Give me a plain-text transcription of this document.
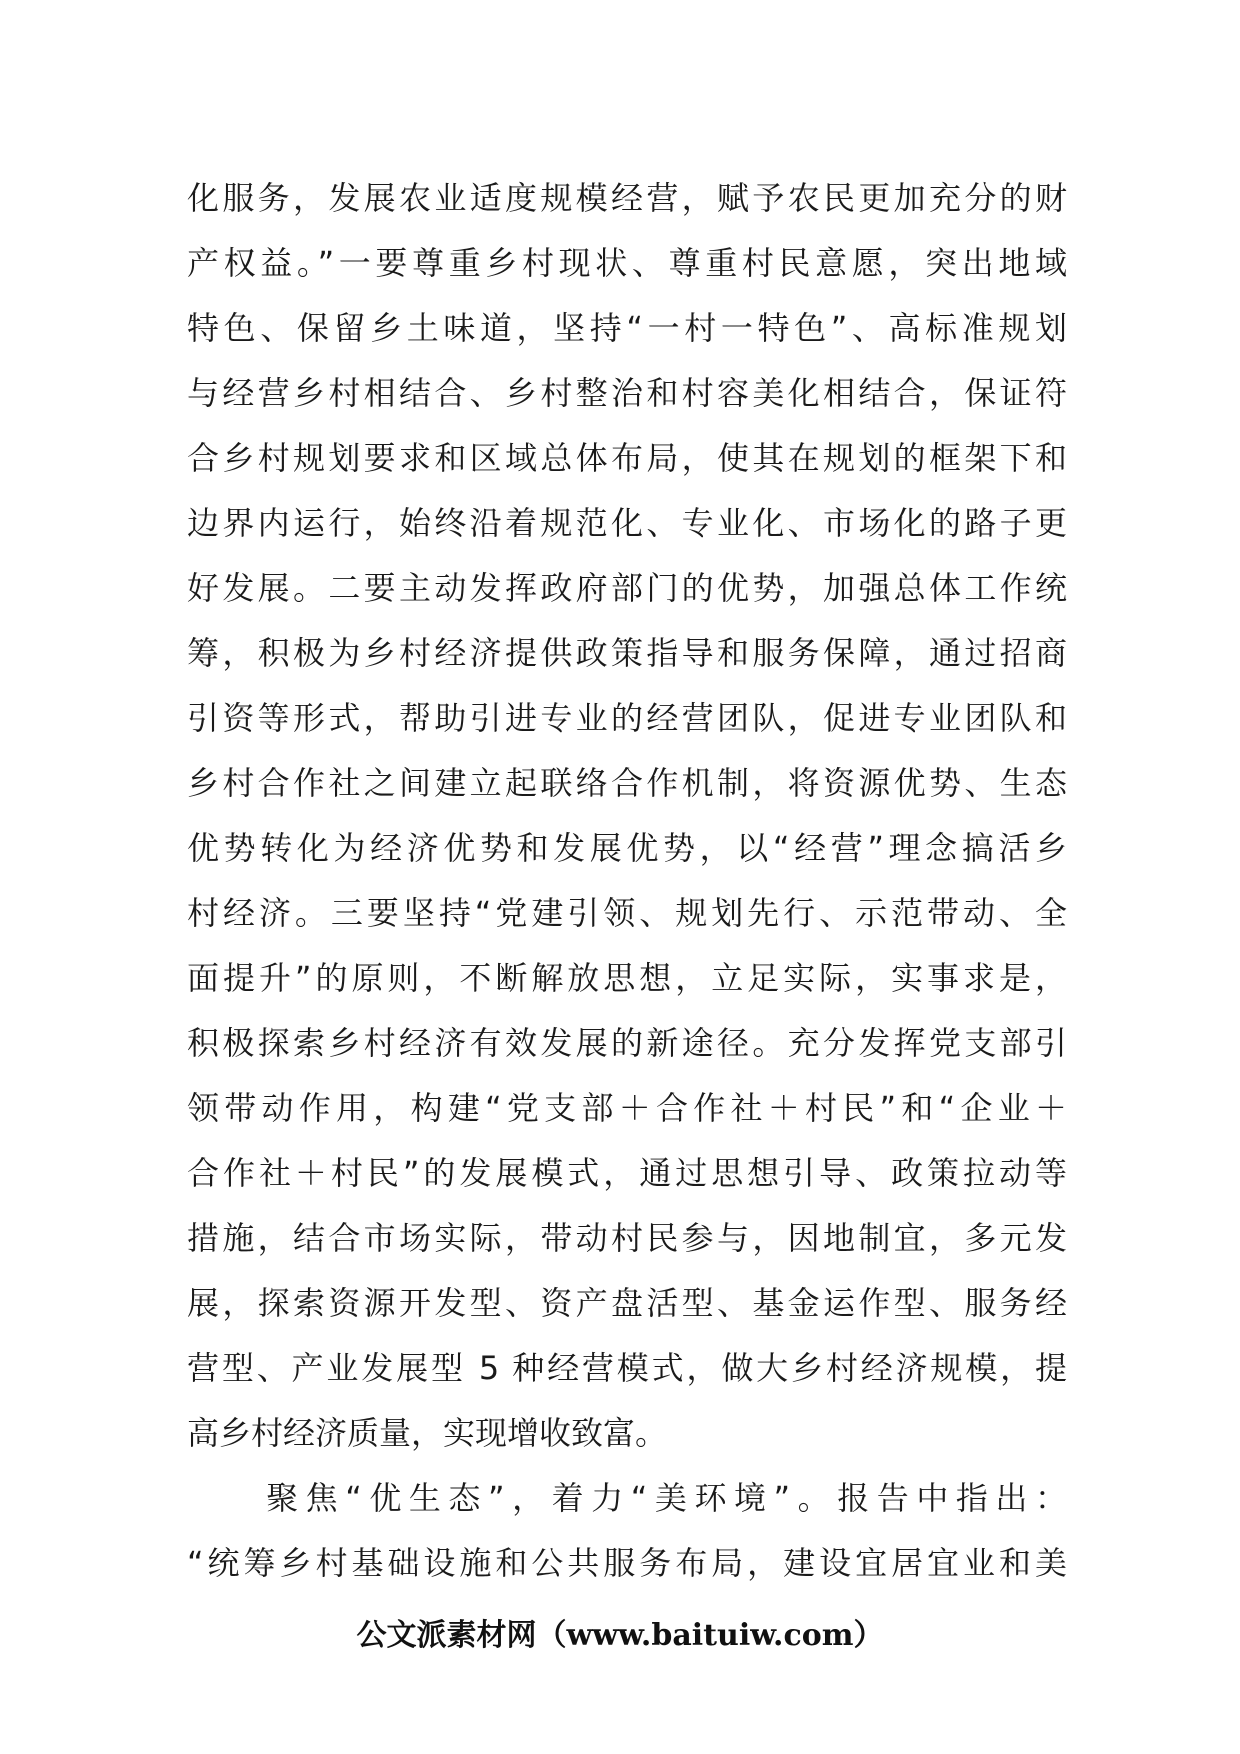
化服务，发展农业适度规模经营，赋予农民更加充分的财
产权益。”一要尊重乡村现状、尊重村民意愿，突出地域
特色、保留乡土味道，坚持“一村一特色”、高标准规划
与经营乡村相结合、乡村整治和村容美化相结合，保证符
合乡村规划要求和区域总体布局，使其在规划的框架下和
边界内运行，始终沿着规范化、专业化、市场化的路子更
好发展。二要主动发挥政府部门的优势，加强总体工作统
筹，积极为乡村经济提供政策指导和服务保障，通过招商
引资等形式，帮助引进专业的经营团队，促进专业团队和
乡村合作社之间建立起联络合作机制，将资源优势、生态
优势转化为经济优势和发展优势，以“经营”理念搞活乡
村经济。三要坚持“党建引领、规划先行、示范带动、全
面提升”的原则，不断解放思想，立足实际，实事求是，
积极探索乡村经济有效发展的新途径。充分发挥党支部引
领带动作用，构建“党支部＋合作社＋村民”和“企业＋
合作社＋村民”的发展模式，通过思想引导、政策拉动等
措施，结合市场实际，带动村民参与，因地制宜，多元发
展，探索资源开发型、资产盘活型、基金运作型、服务经
营型、产业发展型 5 种经营模式，做大乡村经济规模，提
高乡村经济质量，实现增收致富。
　　聚焦“优生态”，着力“美环境”。报告中指出：
“统筹乡村基础设施和公共服务布局，建设宜居宜业和美
公文派素材网（www.baituiw.com）
